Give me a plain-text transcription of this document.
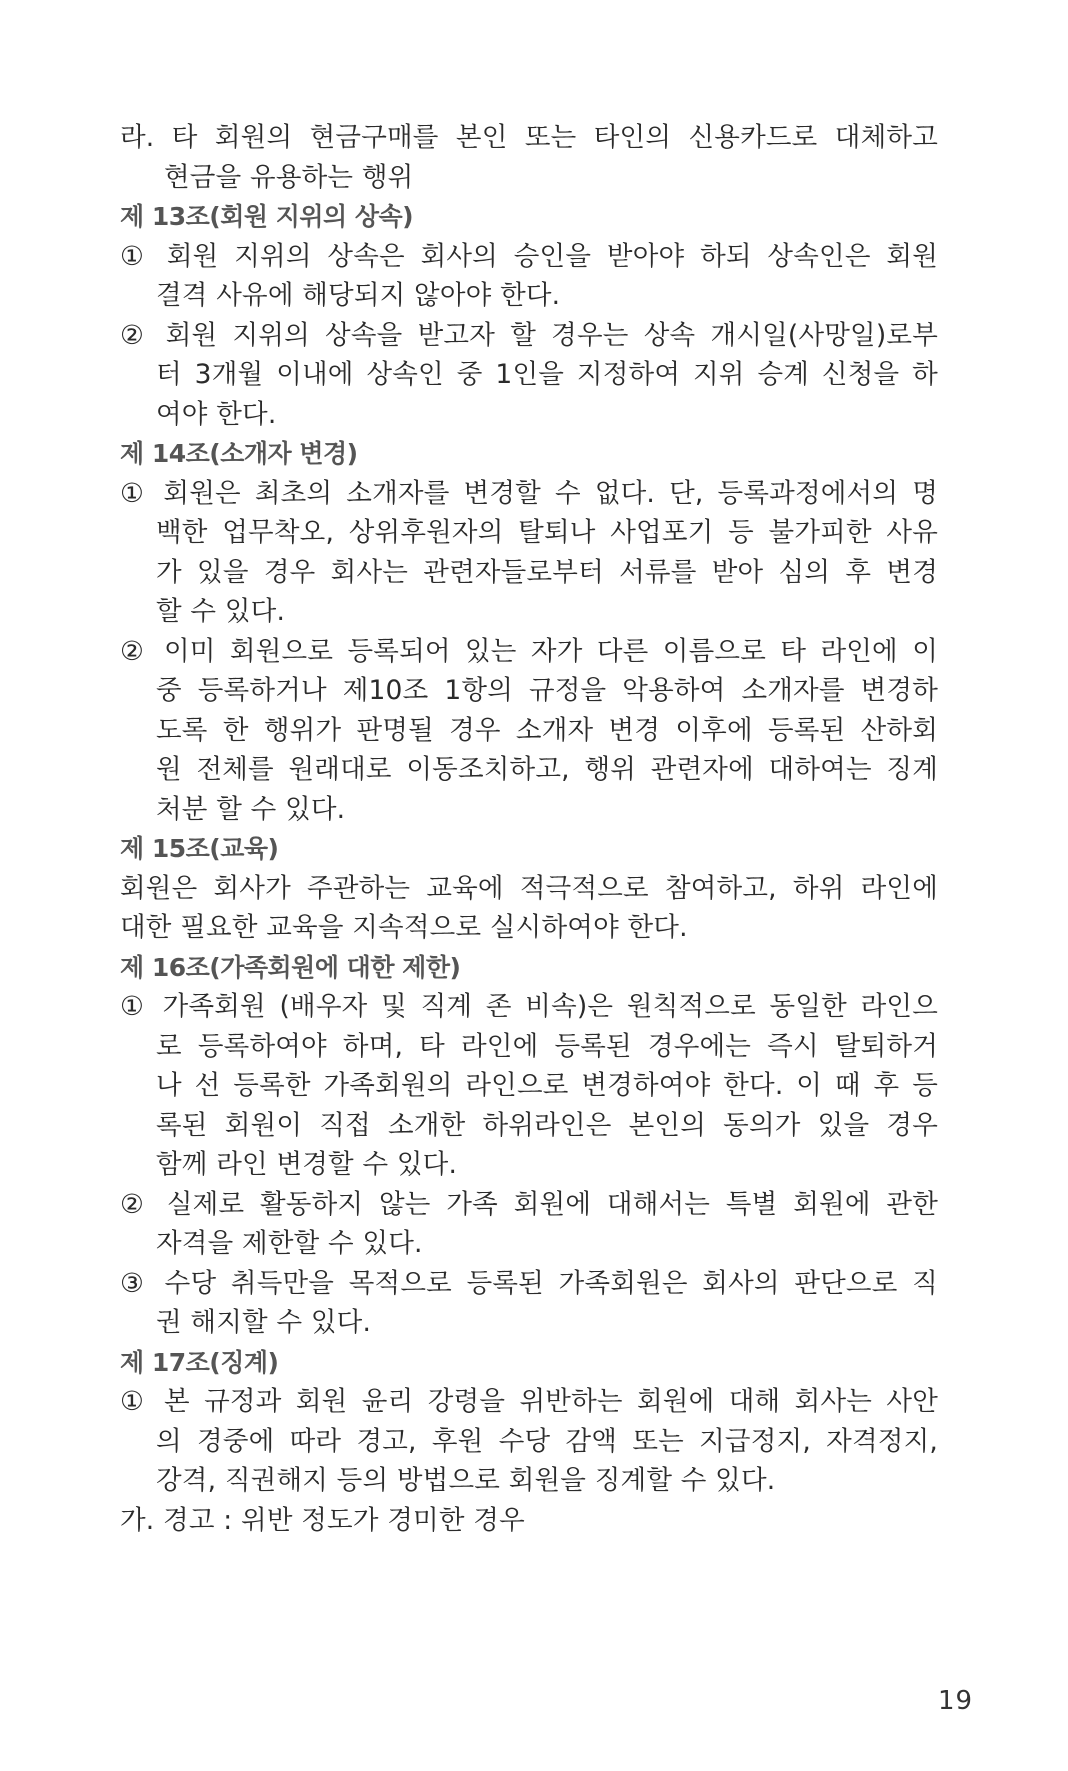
라. 타 회원의 현금구매를 본인 또는 타인의 신용카드로 대체하고
현금을 유용하는 행위
제 13조(회원 지위의 상속)
① 회원 지위의 상속은 회사의 승인을 받아야 하되 상속인은 회원
결격 사유에 해당되지 않아야 한다.
② 회원 지위의 상속을 받고자 할 경우는 상속 개시일(사망일)로부
터 3개월 이내에 상속인 중 1인을 지정하여 지위 승계 신청을 하
여야 한다.
제 14조(소개자 변경)
① 회원은 최초의 소개자를 변경할 수 없다. 단, 등록과정에서의 명
백한 업무착오, 상위후원자의 탈퇴나 사업포기 등 불가피한 사유
가 있을 경우 회사는 관련자들로부터 서류를 받아 심의 후 변경
할 수 있다.
② 이미 회원으로 등록되어 있는 자가 다른 이름으로 타 라인에 이
중 등록하거나 제10조 1항의 규정을 악용하여 소개자를 변경하
도록 한 행위가 판명될 경우 소개자 변경 이후에 등록된 산하회
원 전체를 원래대로 이동조치하고, 행위 관련자에 대하여는 징계
처분 할 수 있다.
제 15조(교육)
회원은 회사가 주관하는 교육에 적극적으로 참여하고, 하위 라인에
대한 필요한 교육을 지속적으로 실시하여야 한다.
제 16조(가족회원에 대한 제한)
① 가족회원 (배우자 및 직계 존 비속)은 원칙적으로 동일한 라인으
로 등록하여야 하며, 타 라인에 등록된 경우에는 즉시 탈퇴하거
나 선 등록한 가족회원의 라인으로 변경하여야 한다. 이 때 후 등
록된 회원이 직접 소개한 하위라인은 본인의 동의가 있을 경우
함께 라인 변경할 수 있다.
② 실제로 활동하지 않는 가족 회원에 대해서는 특별 회원에 관한
자격을 제한할 수 있다.
③ 수당 취득만을 목적으로 등록된 가족회원은 회사의 판단으로 직
권 해지할 수 있다.
제 17조(징계)
① 본 규정과 회원 윤리 강령을 위반하는 회원에 대해 회사는 사안
의 경중에 따라 경고, 후원 수당 감액 또는 지급정지, 자격정지,
강격, 직권해지 등의 방법으로 회원을 징계할 수 있다.
가. 경고 : 위반 정도가 경미한 경우
19
